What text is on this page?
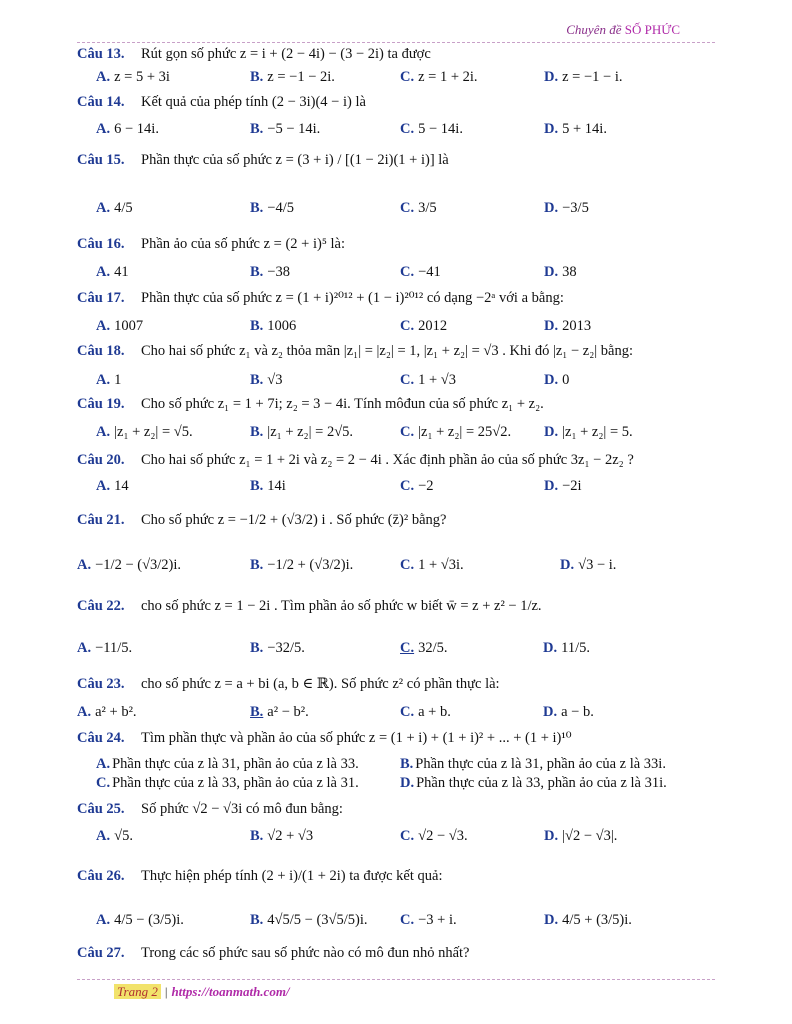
Chuyên đề SỐ PHỨC
Câu 13. Rút gọn số phức z = i + (2 − 4i) − (3 − 2i) ta được
A. z = 5 + 3i	B. z = −1 − 2i.	C. z = 1 + 2i.	D. z = −1 − i.
Câu 14. Kết quả của phép tính (2 − 3i)(4 − i) là
A. 6 − 14i.	B. −5 − 14i.	C. 5 − 14i.	D. 5 + 14i.
Câu 15. Phần thực của số phức z = (3 + i) / [(1 − 2i)(1 + i)] là
A. 4/5	B. −4/5	C. 3/5	D. −3/5
Câu 16. Phần ảo của số phức z = (2 + i)⁵ là:
A. 41	B. −38	C. −41	D. 38
Câu 17. Phần thực của số phức z = (1 + i)²⁰¹² + (1 − i)²⁰¹² có dạng −2ᵃ với a bằng:
A. 1007	B. 1006	C. 2012	D. 2013
Câu 18. Cho hai số phức z₁ và z₂ thỏa mãn |z₁| = |z₂| = 1, |z₁ + z₂| = √3 . Khi đó |z₁ − z₂| bằng:
A. 1	B. √3	C. 1 + √3	D. 0
Câu 19. Cho số phức z₁ = 1 + 7i; z₂ = 3 − 4i. Tính môđun của số phức z₁ + z₂.
A. |z₁ + z₂| = √5.	B. |z₁ + z₂| = 2√5.	C. |z₁ + z₂| = 25√2. D. |z₁ + z₂| = 5.
Câu 20. Cho hai số phức z₁ = 1 + 2i và z₂ = 2 − 4i . Xác định phần ảo của số phức 3z₁ − 2z₂ ?
A. 14	B. 14i	C. −2	D. −2i
Câu 21. Cho số phức z = −1/2 + (√3/2) i . Số phức (z̄)² bằng?
A. −1/2 − (√3/2)i.	B. −1/2 + (√3/2)i.	C. 1 + √3i.	D. √3 − i.
Câu 22. cho số phức z = 1 − 2i . Tìm phần ảo số phức w biết w̄ = z + z² − 1/z.
A. −11/5.	B. −32/5.	C. 32/5.	D. 11/5.
Câu 23. cho số phức z = a + bi (a, b ∈ ℝ). Số phức z² có phần thực là:
A. a² + b².	B. a² − b².	C. a + b.	D. a − b.
Câu 24. Tìm phần thực và phần ảo của số phức z = (1 + i) + (1 + i)² + ... + (1 + i)¹⁰
A. Phần thực của z là 31, phần ảo của z là 33.	B. Phần thực của z là 31, phần ảo của z là 33i.
C. Phần thực của z là 33, phần ảo của z là 31.	D. Phần thực của z là 33, phần ảo của z là 31i.
Câu 25. Số phức √2 − √3i có mô đun bằng:
A. √5.	B. √2 + √3	C. √2 − √3.	D. |√2 − √3|.
Câu 26. Thực hiện phép tính (2 + i)/(1 + 2i) ta được kết quả:
A. 4/5 − (3/5)i.	B. 4√5/5 − (3√5/5)i. C. −3 + i.	D. 4/5 + (3/5)i.
Câu 27. Trong các số phức sau số phức nào có mô đun nhỏ nhất?
Trang 2 | https://toanmath.com/
